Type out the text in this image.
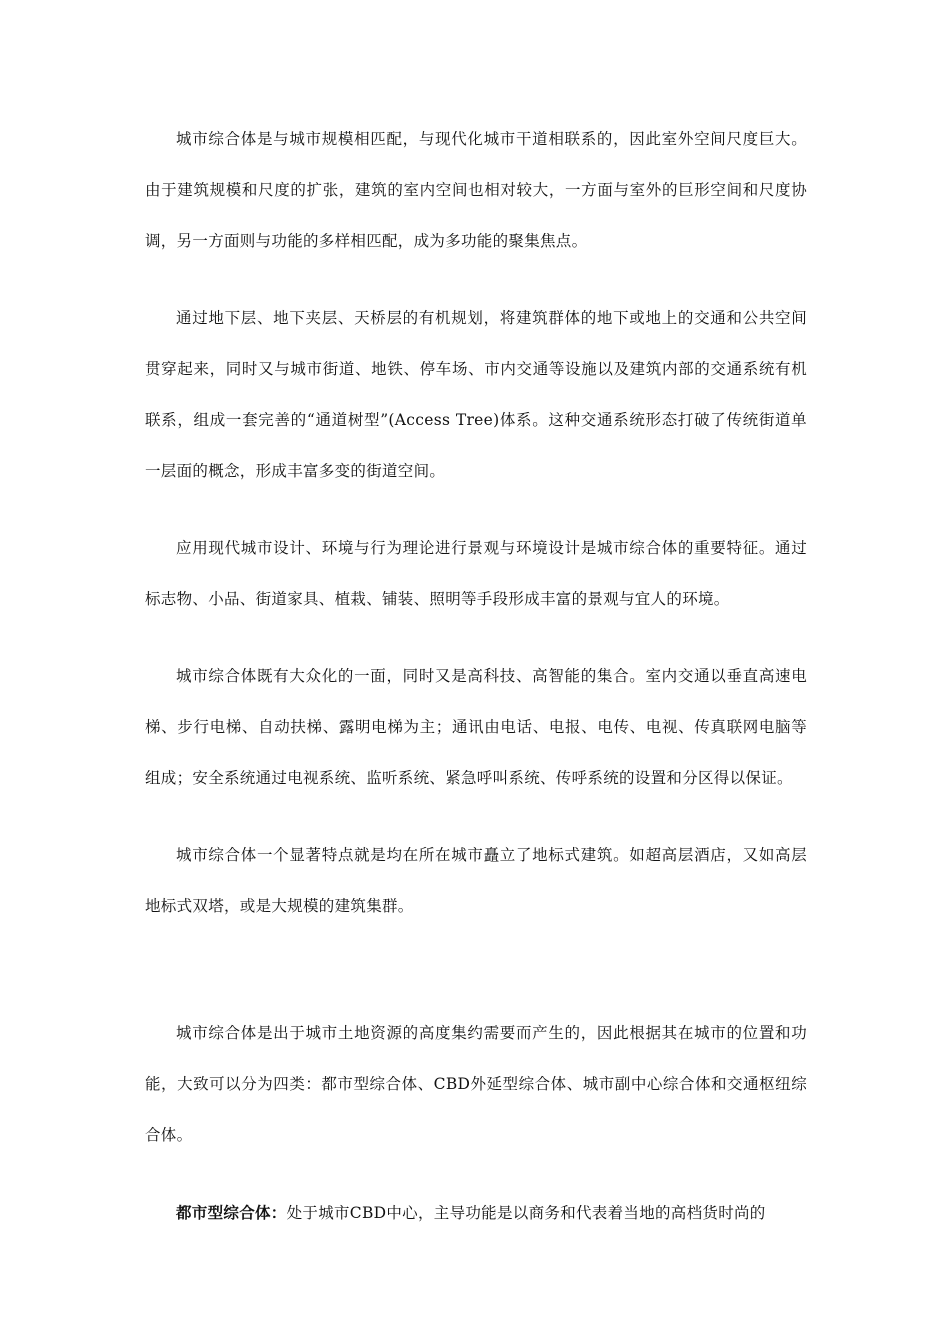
城市综合体是与城市规模相匹配，与现代化城市干道相联系的，因此室外空间尺度巨大。由于建筑规模和尺度的扩张，建筑的室内空间也相对较大，一方面与室外的巨形空间和尺度协调，另一方面则与功能的多样相匹配，成为多功能的聚集焦点。

通过地下层、地下夹层、天桥层的有机规划，将建筑群体的地下或地上的交通和公共空间贯穿起来，同时又与城市街道、地铁、停车场、市内交通等设施以及建筑内部的交通系统有机联系，组成一套完善的“通道树型”(Access Tree)体系。这种交通系统形态打破了传统街道单一层面的概念，形成丰富多变的街道空间。

应用现代城市设计、环境与行为理论进行景观与环境设计是城市综合体的重要特征。通过标志物、小品、街道家具、植栽、铺装、照明等手段形成丰富的景观与宜人的环境。

城市综合体既有大众化的一面，同时又是高科技、高智能的集合。室内交通以垂直高速电梯、步行电梯、自动扶梯、露明电梯为主；通讯由电话、电报、电传、电视、传真联网电脑等组成；安全系统通过电视系统、监听系统、紧急呼叫系统、传呼系统的设置和分区得以保证。

城市综合体一个显著特点就是均在所在城市矗立了地标式建筑。如超高层酒店，又如高层地标式双塔，或是大规模的建筑集群。

城市综合体是出于城市土地资源的高度集约需要而产生的，因此根据其在城市的位置和功能，大致可以分为四类：都市型综合体、CBD外延型综合体、城市副中心综合体和交通枢纽综合体。

都市型综合体：处于城市CBD中心，主导功能是以商务和代表着当地的高档货时尚的
